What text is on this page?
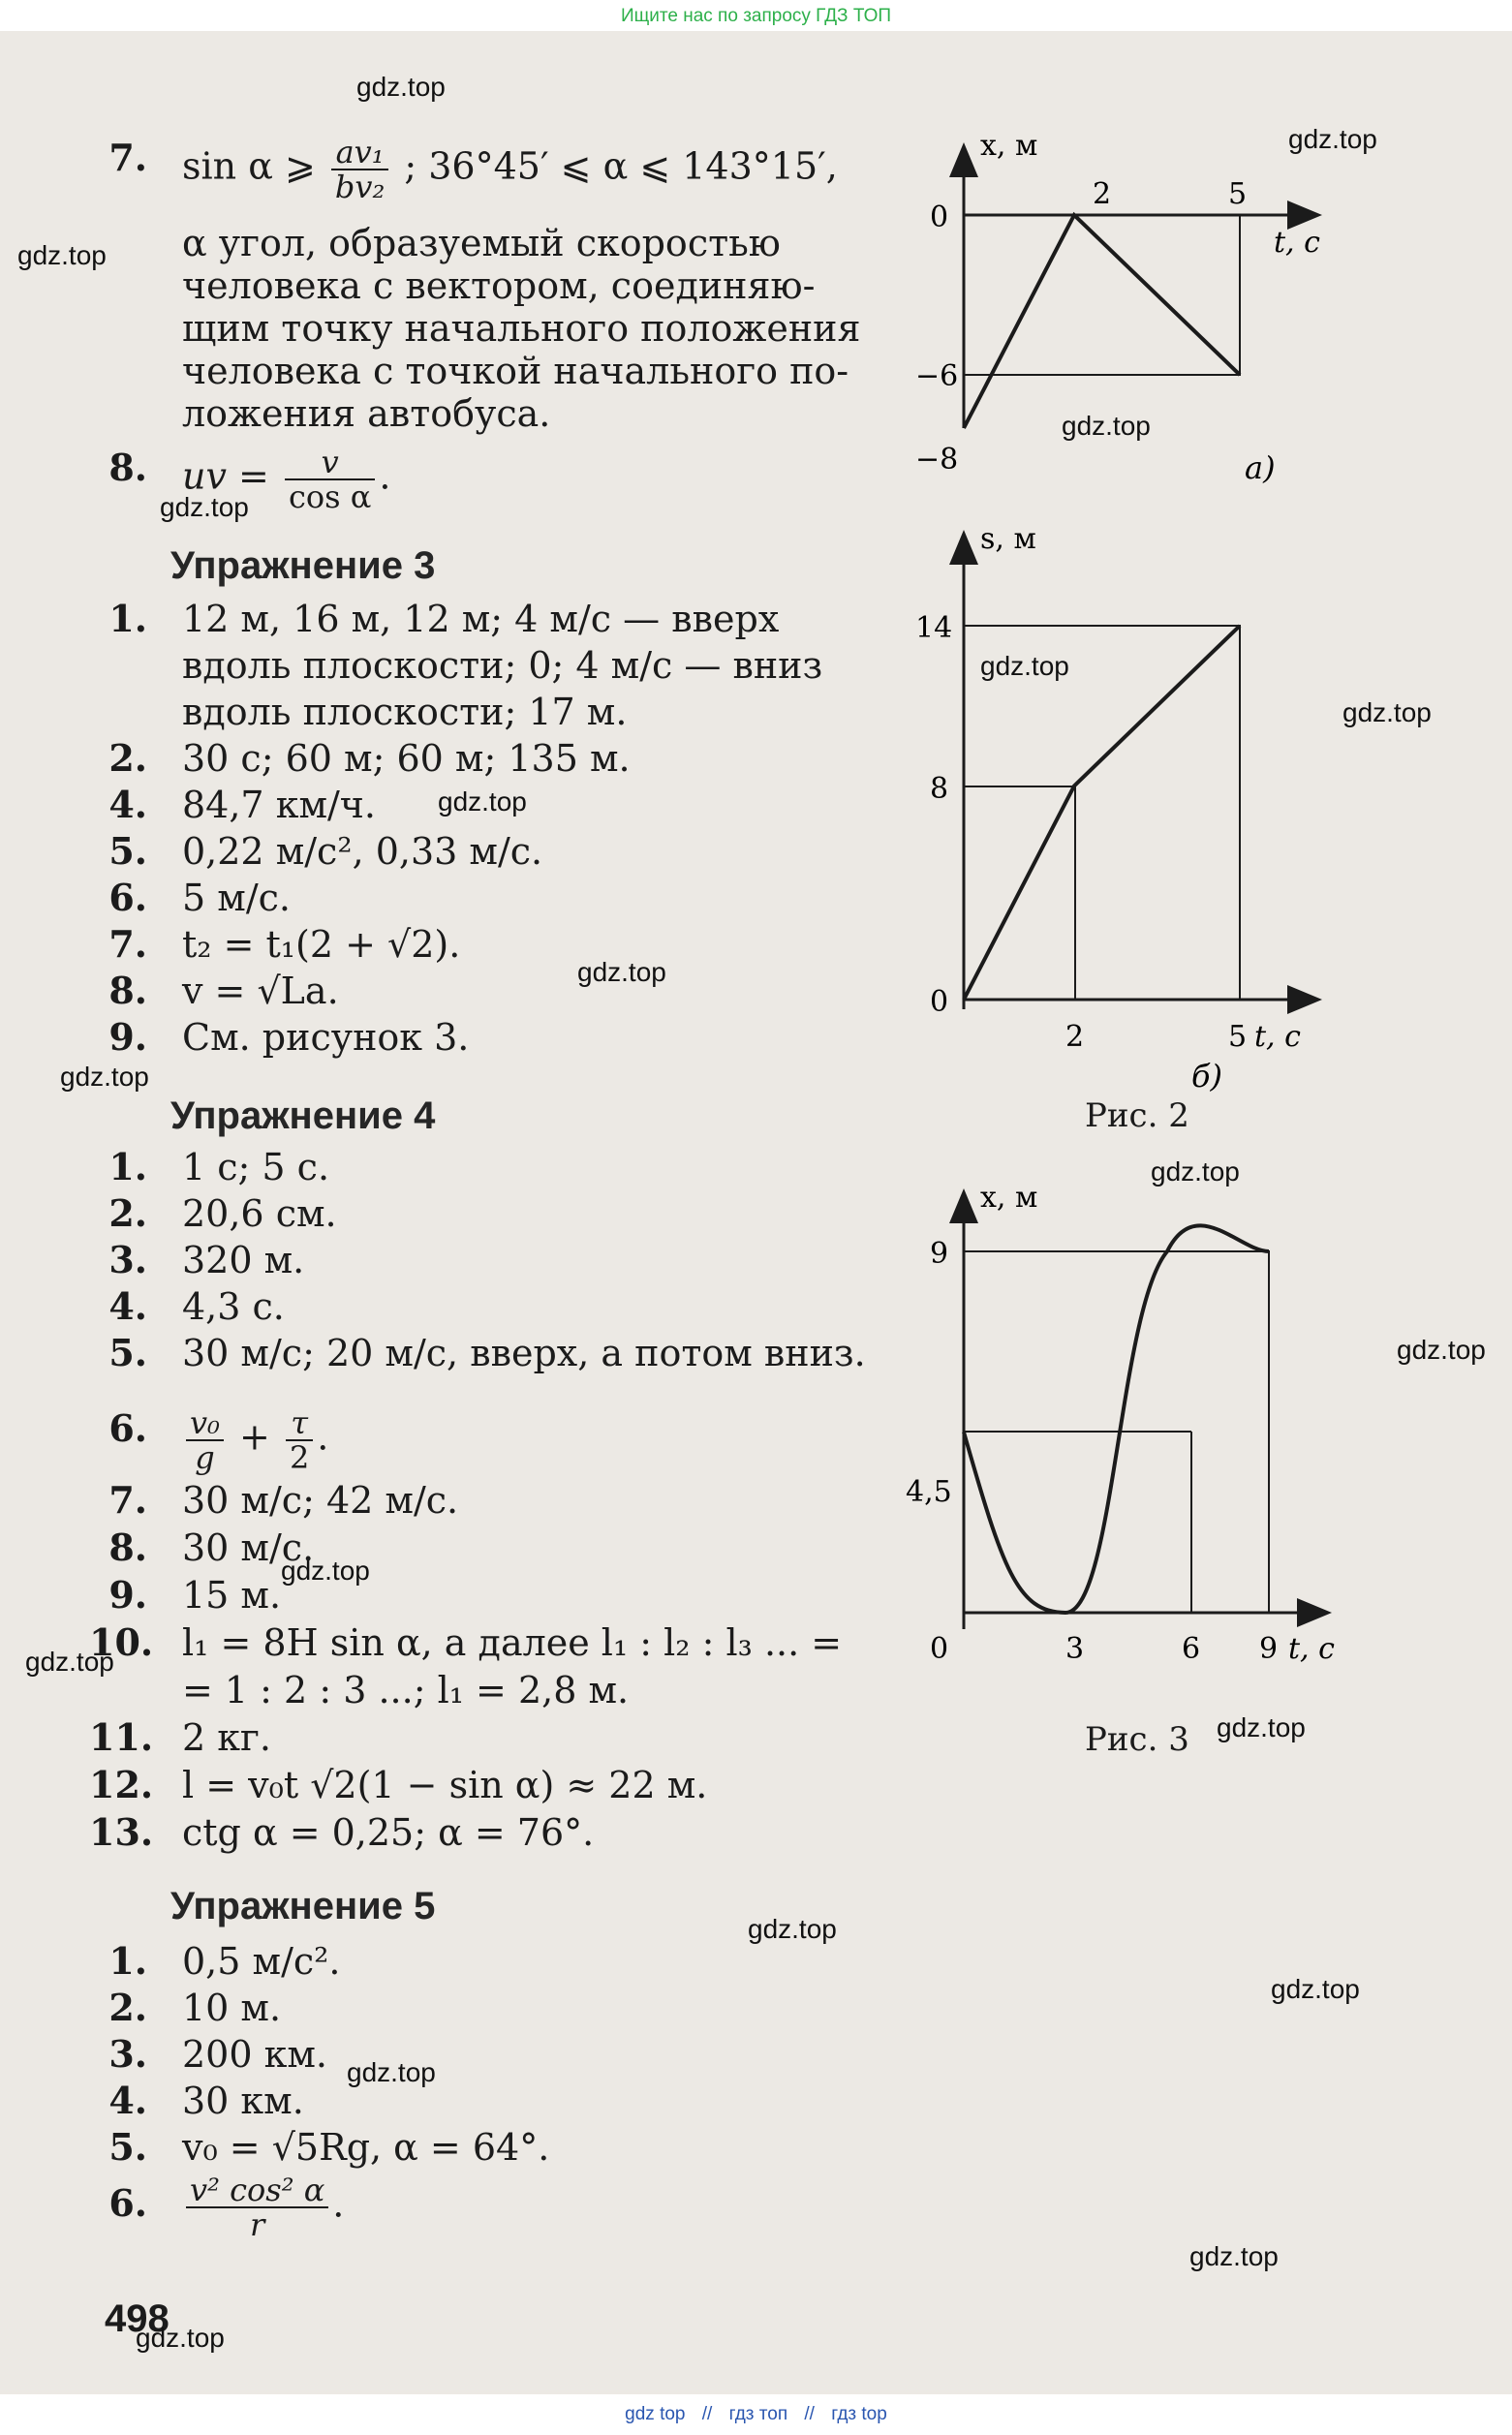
Ищите нас по запросу ГДЗ ТОП
7. sin α ⩾ $\frac{\text{av₁}}{\text{bv₂}}$ ; 36°45′ ⩽ α ⩽ 143°15′,
α угол, образуемый скоростью
человека с вектором, соединяю-
щим точку начального положения
человека с точкой начального по-
ложения автобуса.
8. uv = $\frac{v}{\text{cos α}}$ .
Упражнение 3
1. 12 м, 16 м, 12 м; 4 м/с — вверх
вдоль плоскости; 0; 4 м/с — вниз
вдоль плоскости; 17 м.
2. 30 с; 60 м; 60 м; 135 м.
4. 84,7 км/ч.
5. 0,22 м/с², 0,33 м/с.
6. 5 м/с.
7. t₂ = t₁(2 + √2).
8. v = √La.
9. См. рисунок 3.
Упражнение 4
1. 1 с; 5 с.
2. 20,6 см.
3. 320 м.
4. 4,3 с.
5. 30 м/с; 20 м/с, вверх, а потом вниз.
6. $\frac{\text{v₀}}{g} + \frac{\tau}{2}$ .
7. 30 м/с; 42 м/с.
8. 30 м/с.
9. 15 м.
10. l₁ = 8H sin α, а далее l₁ : l₂ : l₃ ... =
= 1 : 2 : 3 ...; l₁ = 2,8 м.
11. 2 кг.
12. l = v₀t √2(1 − sin α) ≈ 22 м.
13. ctg α = 0,25; α = 76°.
Упражнение 5
1. 0,5 м/с².
2. 10 м.
3. 200 км.
4. 30 км.
5. v₀ = √5Rg, α = 64°.
6. $\frac{\text{v² cos² α}}{r}$ .
498
x, м
t, c
0
−6
−8
2	5
а)
s, м
14
8
0
2	5 t, c
б)
Рис. 2
x, м
9
4,5
0	3	6 9 t, c
Рис. 3
gdz.top
gdz.top
gdz.top
gdz.top
gdz.top
gdz.top
gdz.top
gdz.top
gdz.top
gdz.top
gdz.top
gdz.top
gdz.top
gdz.top
gdz.top
gdz.top
gdz.top
gdz.top
gdz.top
gdz.top
gdz top // гдз топ // гдз top
